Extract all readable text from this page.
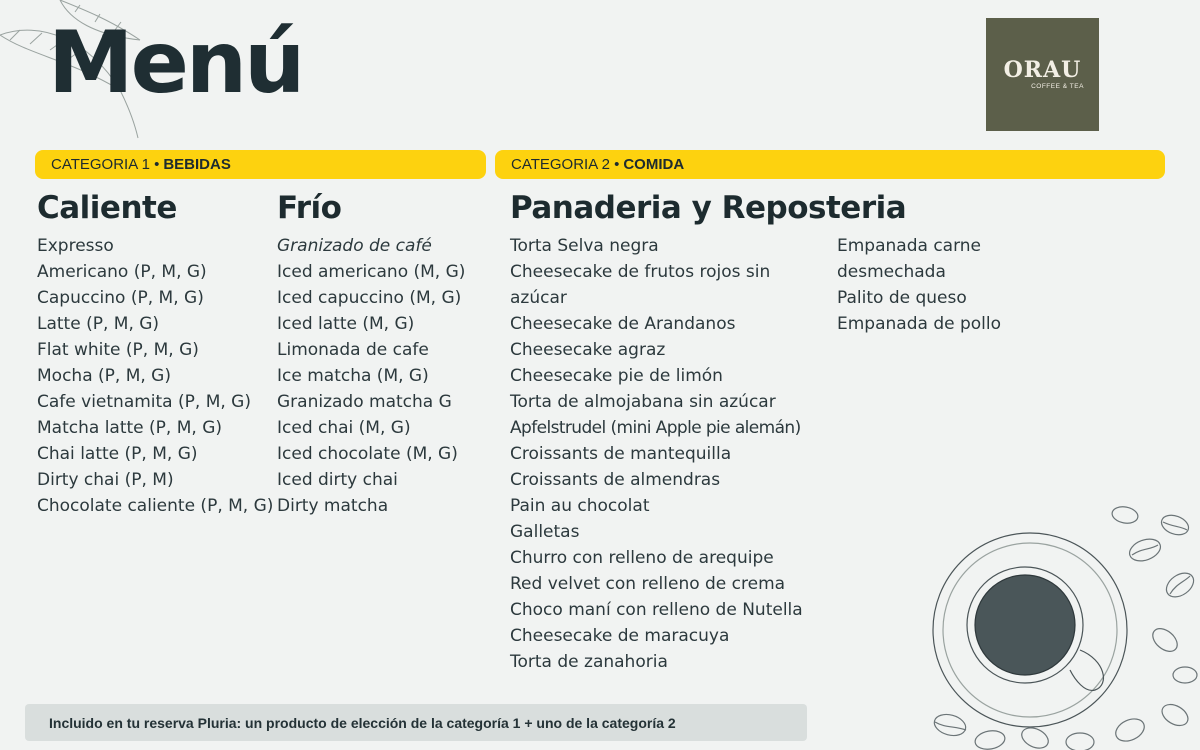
Menú	ORAU
COFFEE & TEA
CATEGORIA 1 • BEBIDAS	CATEGORIA 2 • COMIDA
Caliente	Frío	Panaderia y Reposteria
Expresso
Americano (P, M, G)
Capuccino (P, M, G)
Latte (P, M, G)
Flat white (P, M, G)
Mocha (P, M, G)
Cafe vietnamita (P, M, G)
Matcha latte (P, M, G)
Chai latte (P, M, G)
Dirty chai (P, M)
Chocolate caliente (P, M, G)
Granizado de café
Iced americano (M, G)
Iced capuccino (M, G)
Iced latte (M, G)
Limonada de cafe
Ice matcha (M, G)
Granizado matcha G
Iced chai (M, G)
Iced chocolate (M, G)
Iced dirty chai
Dirty matcha
Torta Selva negra
Cheesecake de frutos rojos sin azúcar
Cheesecake de Arandanos
Cheesecake agraz
Cheesecake pie de limón
Torta de almojabana sin azúcar
Apfelstrudel (mini Apple pie alemán)
Croissants de mantequilla
Croissants de almendras
Pain au chocolat
Galletas
Churro con relleno de arequipe
Red velvet con relleno de crema
Choco maní con relleno de Nutella
Cheesecake de maracuya
Torta de zanahoria
Empanada carne desmechada
Palito de queso
Empanada de pollo
Incluido en tu reserva Pluria: un producto de elección de la categoría 1 + uno de la categoría 2
